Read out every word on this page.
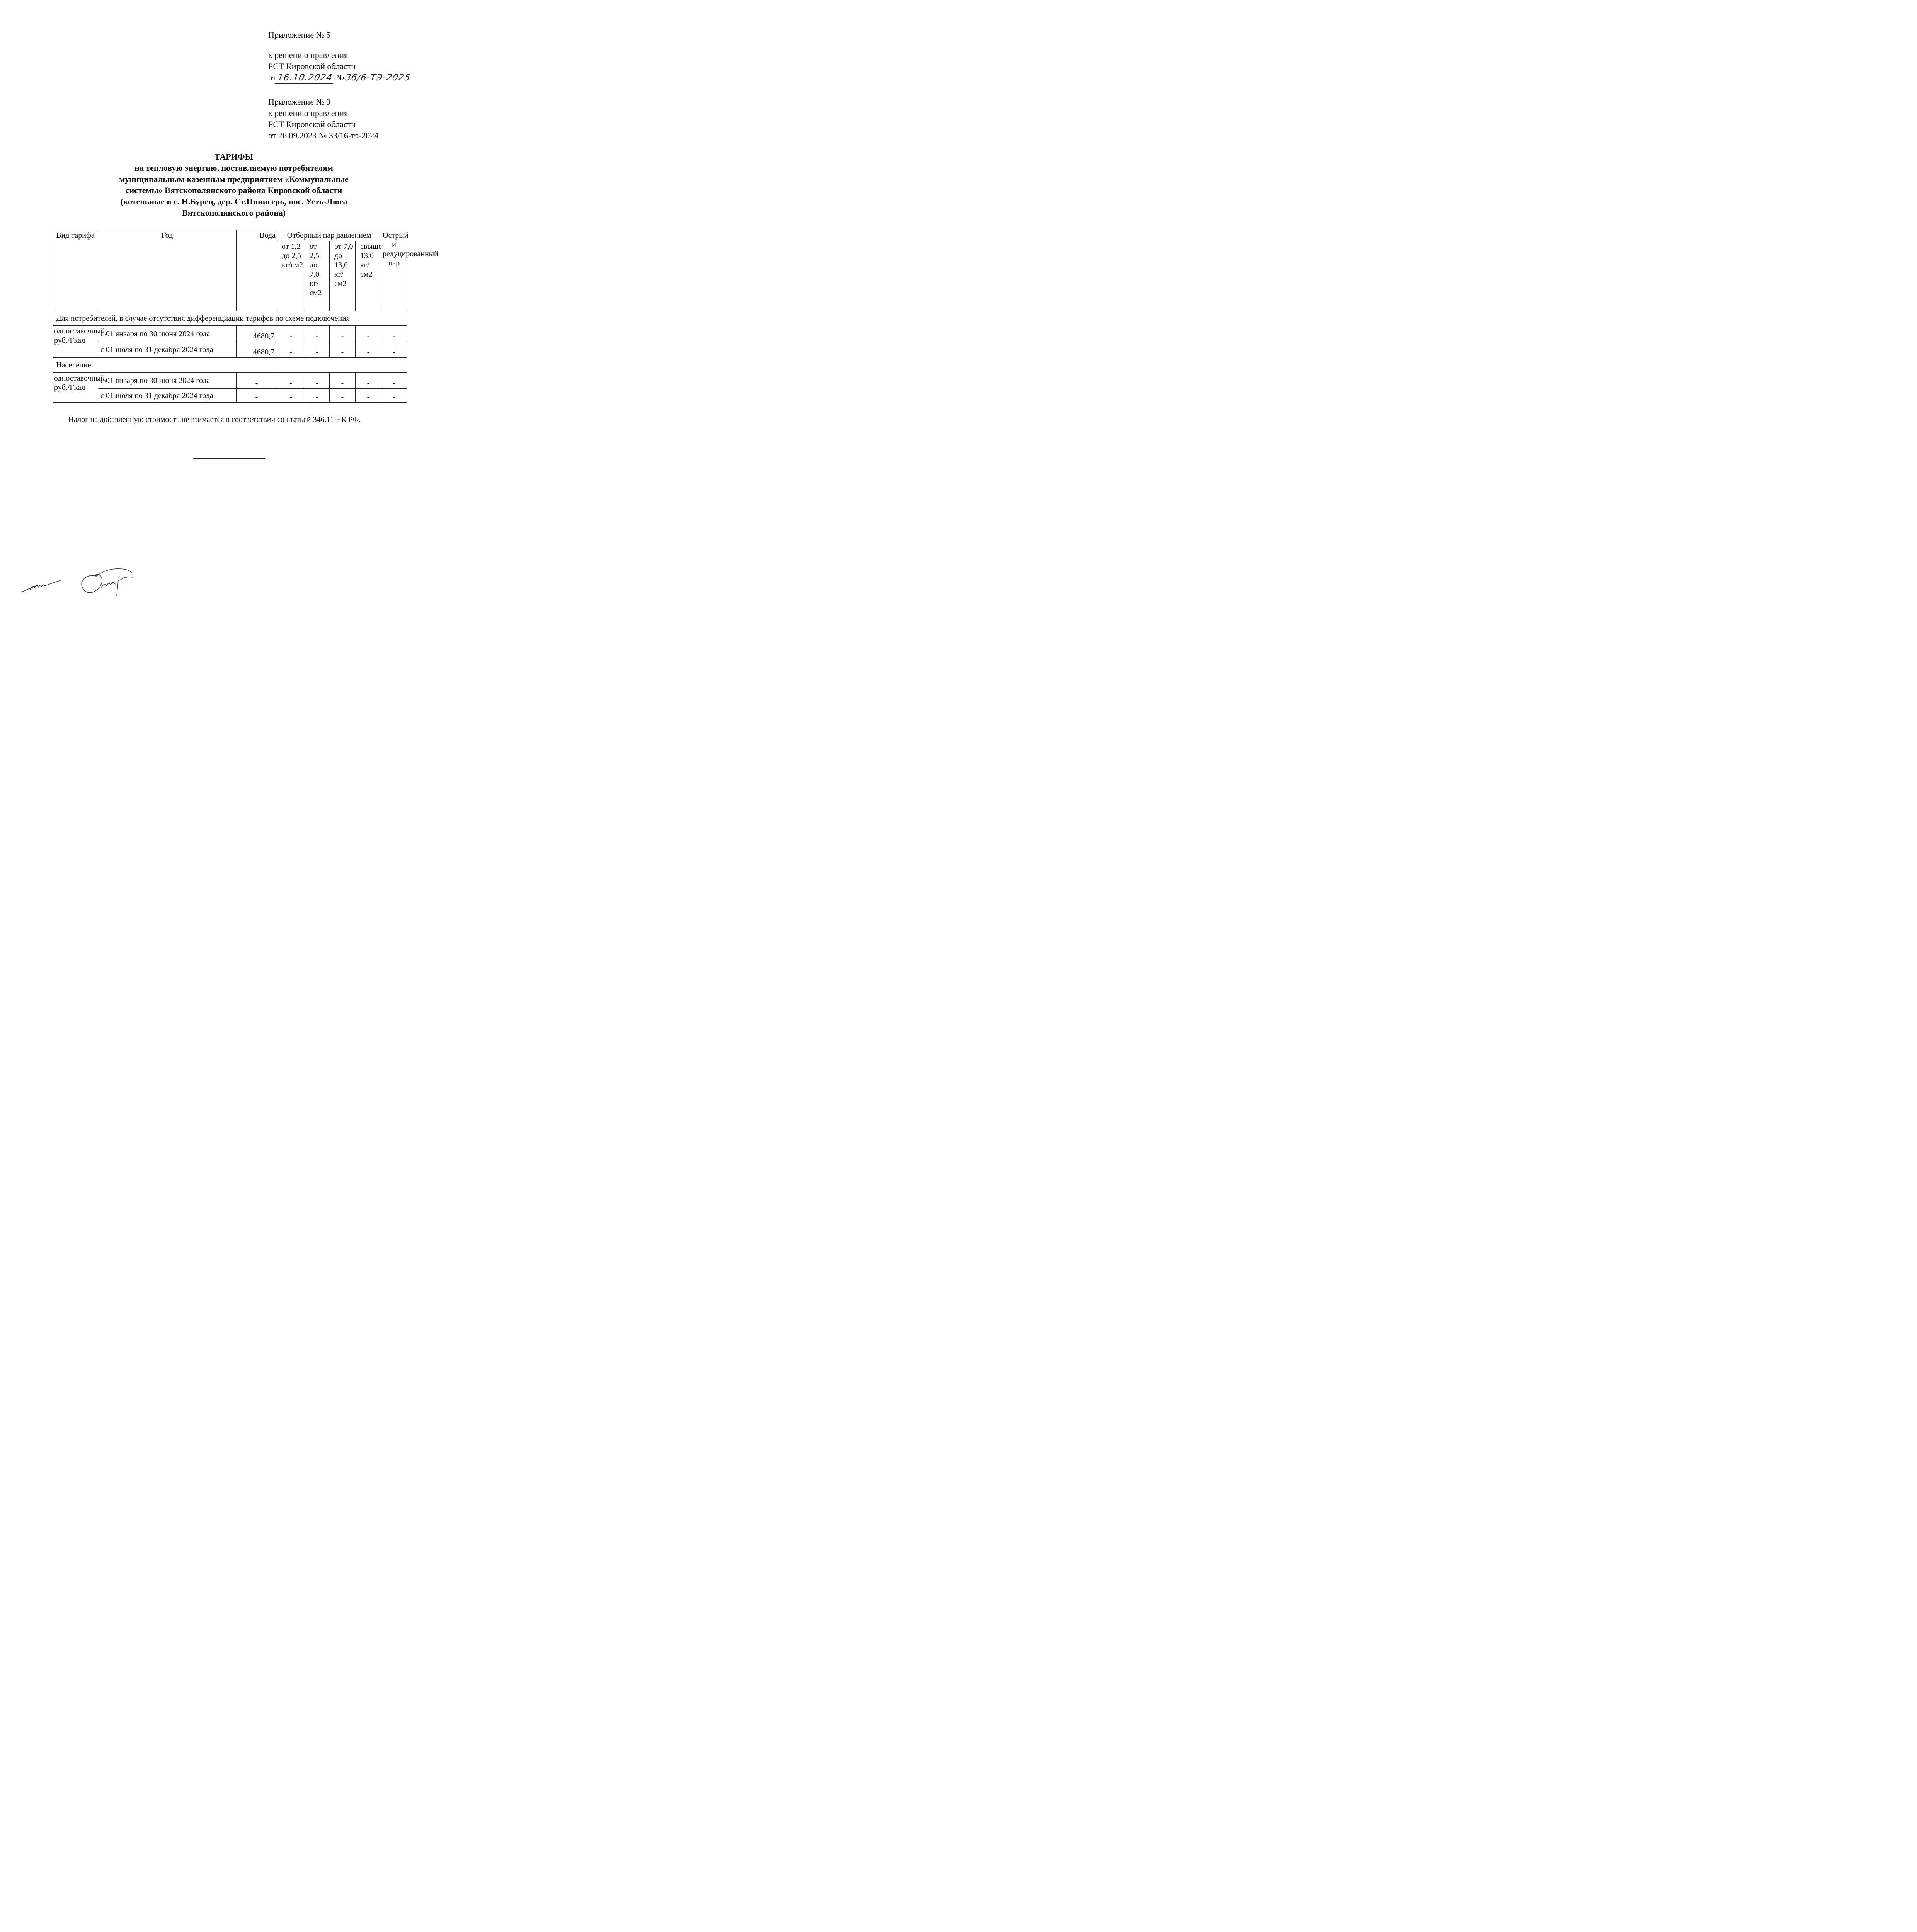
Приложение № 5
к решению правления
РСТ Кировской области
от16.10.2024 №36/6-ТЭ-2025
Приложение № 9
к решению правления
РСТ Кировской области
от 26.09.2023 № 33/16-тэ-2024
ТАРИФЫ
на тепловую энергию, поставляемую потребителям
муниципальным казенным предприятием «Коммунальные
системы» Вятскополянского района Кировской области
(котельные в с. Н.Бурец, дер. Ст.Пинигерь, пос. Усть-Люга
Вятскополянского района)
Вид тарифа	Год	Вода	Отборный пар давлением				Острый и редуцированный пар
			от 1,2 до 2,5 кг/см2	от 2,5 до 7,0 кг/см2	от 7,0 до 13,0 кг/см2	свыше 13,0 кг/см2	
Для потребителей, в случае отсутствия дифференциации тарифов по схеме подключения							
одноставочный, руб./Гкал	с 01 января по 30 июня 2024 года	4680,7	-	-	-	-	-
	с 01 июля по 31 декабря 2024 года	4680,7	-	-	-	-	-
Население							
одноставочный, руб./Гкал	с 01 января по 30 июня 2024 года	-	-	-	-	-	-
	с 01 июля по 31 декабря 2024 года	-	-	-	-	-	-
Налог на добавленную стоимость не взимается в соответствии со статьей 346.11 НК РФ.
